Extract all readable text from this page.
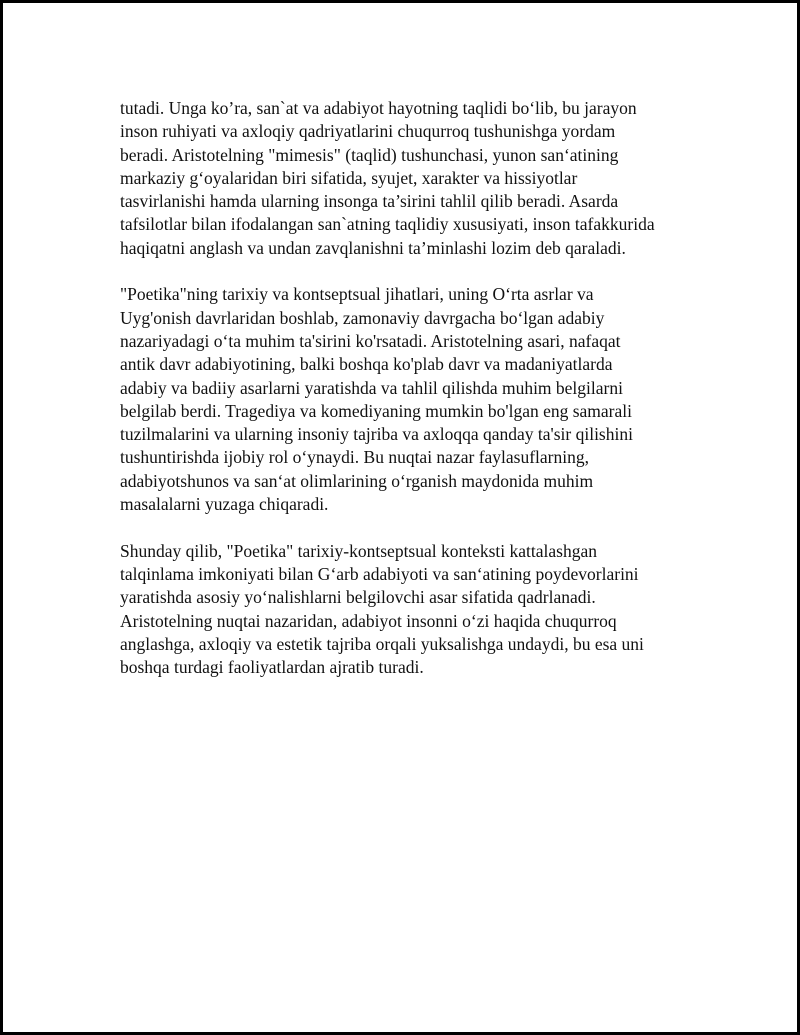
tutadi. Unga ko’ra, san`at va adabiyot hayotning taqlidi boʻlib, bu jarayon
inson ruhiyati va axloqiy qadriyatlarini chuqurroq tushunishga yordam
beradi. Aristotelning "mimesis" (taqlid) tushunchasi, yunon sanʻatining
markaziy gʻoyalaridan biri sifatida, syujet, xarakter va hissiyotlar
tasvirlanishi hamda ularning insonga ta’sirini tahlil qilib beradi. Asarda
tafsilotlar bilan ifodalangan san`atning taqlidiy xususiyati, inson tafakkurida
haqiqatni anglash va undan zavqlanishni ta’minlashi lozim deb qaraladi.

"Poetika"ning tarixiy va kontseptsual jihatlari, uning Oʻrta asrlar va
Uyg'onish davrlaridan boshlab, zamonaviy davrgacha boʻlgan adabiy
nazariyadagi oʻta muhim ta'sirini ko'rsatadi. Aristotelning asari, nafaqat
antik davr adabiyotining, balki boshqa ko'plab davr va madaniyatlarda
adabiy va badiiy asarlarni yaratishda va tahlil qilishda muhim belgilarni
belgilab berdi. Tragediya va komediyaning mumkin bo'lgan eng samarali
tuzilmalarini va ularning insoniy tajriba va axloqqa qanday ta'sir qilishini
tushuntirishda ijobiy rol oʻynaydi. Bu nuqtai nazar faylasuflarning,
adabiyotshunos va sanʻat olimlarining oʻrganish maydonida muhim
masalalarni yuzaga chiqaradi.

Shunday qilib, "Poetika" tarixiy-kontseptsual konteksti kattalashgan
talqinlama imkoniyati bilan Gʻarb adabiyoti va sanʻatining poydevorlarini
yaratishda asosiy yoʻnalishlarni belgilovchi asar sifatida qadrlanadi.
Aristotelning nuqtai nazaridan, adabiyot insonni oʻzi haqida chuqurroq
anglashga, axloqiy va estetik tajriba orqali yuksalishga undaydi, bu esa uni
boshqa turdagi faoliyatlardan ajratib turadi.
